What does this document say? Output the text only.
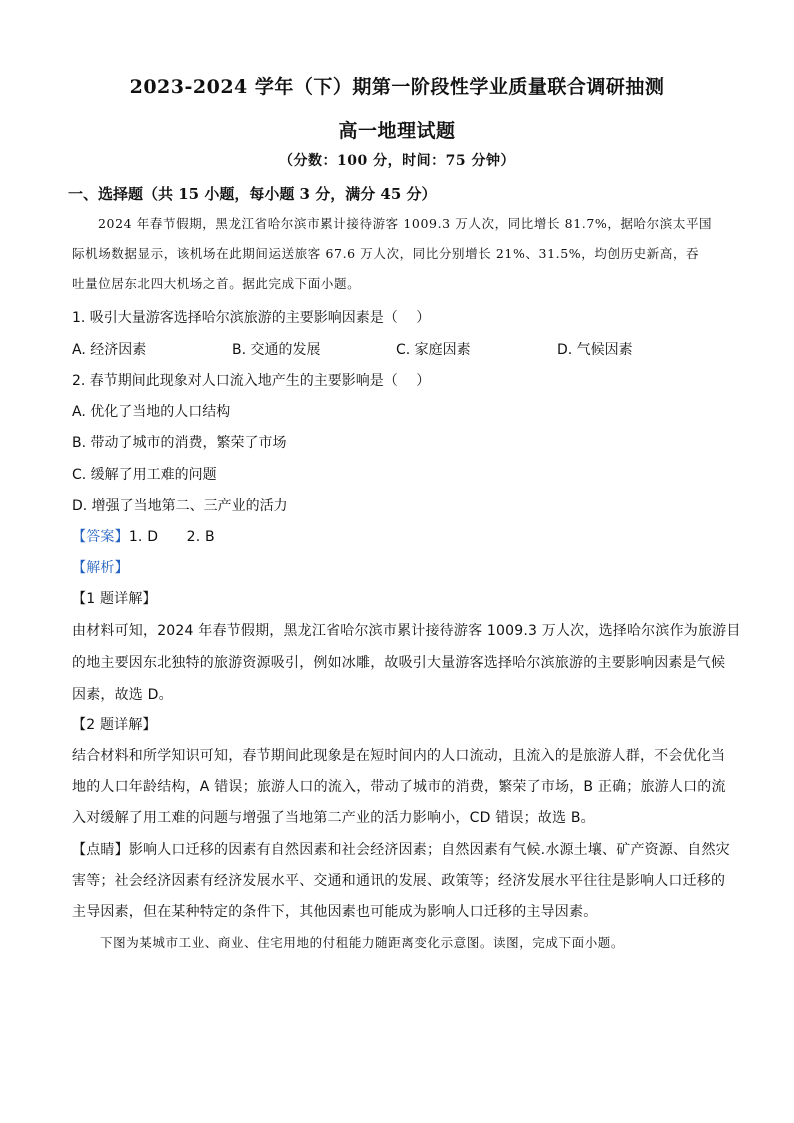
2023-2024 学年（下）期第一阶段性学业质量联合调研抽测
高一地理试题
（分数：100 分，时间：75 分钟）
一、选择题（共 15 小题，每小题 3 分，满分 45 分）
2024 年春节假期，黑龙江省哈尔滨市累计接待游客 1009.3 万人次，同比增长 81.7%，据哈尔滨太平国
际机场数据显示，该机场在此期间运送旅客 67.6 万人次，同比分别增长 21%、31.5%，均创历史新高，吞
吐量位居东北四大机场之首。据此完成下面小题。
1. 吸引大量游客选择哈尔滨旅游的主要影响因素是（　 ）
A. 经济因素	B. 交通的发展	C. 家庭因素	D. 气候因素
2. 春节期间此现象对人口流入地产生的主要影响是（　 ）
A. 优化了当地的人口结构
B. 带动了城市的消费，繁荣了市场
C. 缓解了用工难的问题
D. 增强了当地第二、三产业的活力
【答案】1. D　　2. B
【解析】
【1 题详解】
由材料可知，2024 年春节假期，黑龙江省哈尔滨市累计接待游客 1009.3 万人次，选择哈尔滨作为旅游目
的地主要因东北独特的旅游资源吸引，例如冰雕，故吸引大量游客选择哈尔滨旅游的主要影响因素是气候
因素，故选 D。
【2 题详解】
结合材料和所学知识可知，春节期间此现象是在短时间内的人口流动，且流入的是旅游人群，不会优化当
地的人口年龄结构，A 错误；旅游人口的流入，带动了城市的消费，繁荣了市场，B 正确；旅游人口的流
入对缓解了用工难的问题与增强了当地第二产业的活力影响小，CD 错误；故选 B。
【点睛】影响人口迁移的因素有自然因素和社会经济因素；自然因素有气候.水源土壤、矿产资源、自然灾
害等；社会经济因素有经济发展水平、交通和通讯的发展、政策等；经济发展水平往往是影响人口迁移的
主导因素，但在某种特定的条件下，其他因素也可能成为影响人口迁移的主导因素。
下图为某城市工业、商业、住宅用地的付租能力随距离变化示意图。读图，完成下面小题。
